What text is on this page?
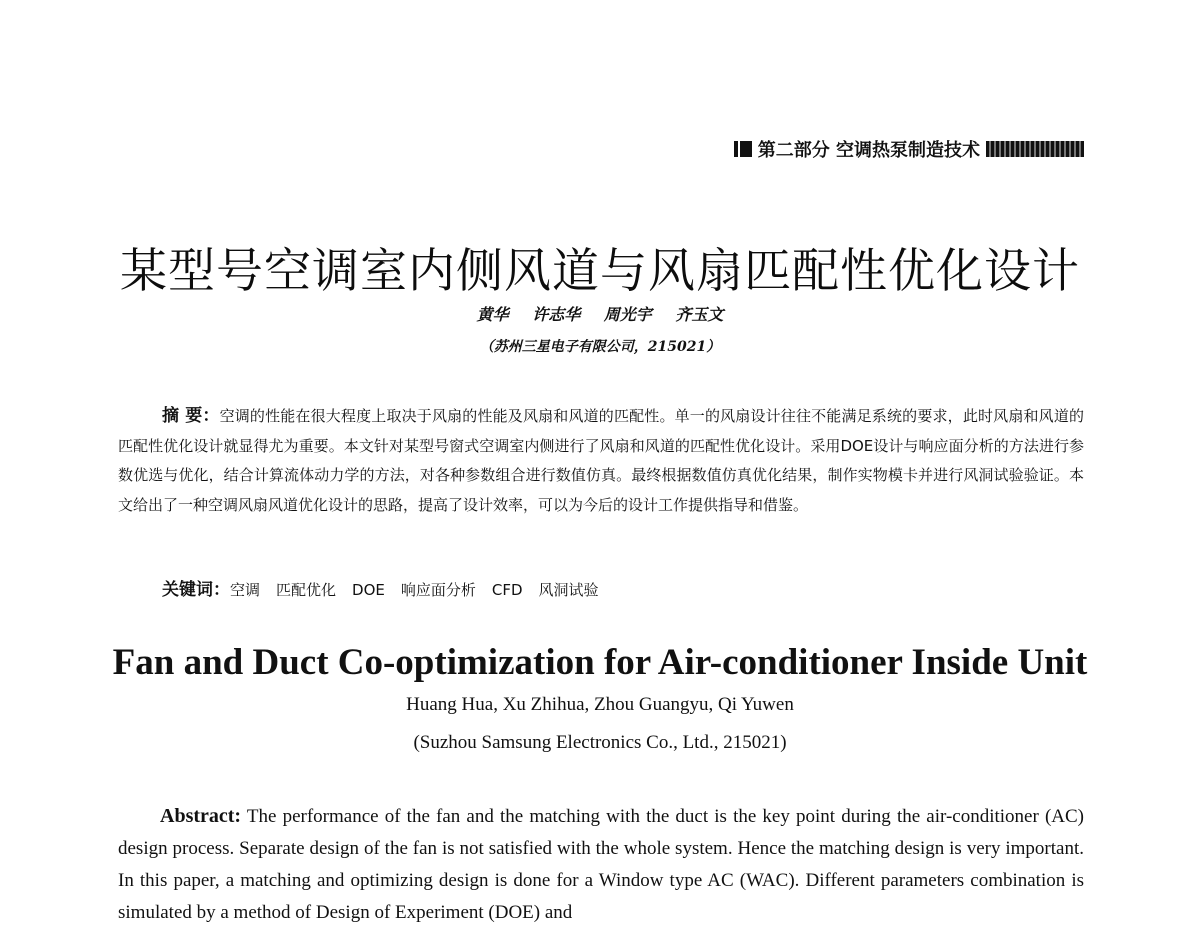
第二部分 空调热泵制造技术
某型号空调室内侧风道与风扇匹配性优化设计
黄华 许志华 周光宇 齐玉文
（苏州三星电子有限公司，215021）
摘 要：空调的性能在很大程度上取决于风扇的性能及风扇和风道的匹配性。单一的风扇设计往往不能满足系统的要求，此时风扇和风道的匹配性优化设计就显得尤为重要。本文针对某型号窗式空调室内侧进行了风扇和风道的匹配性优化设计。采用DOE设计与响应面分析的方法进行参数优选与优化，结合计算流体动力学的方法，对各种参数组合进行数值仿真。最终根据数值仿真优化结果，制作实物模卡并进行风洞试验验证。本文给出了一种空调风扇风道优化设计的思路，提高了设计效率，可以为今后的设计工作提供指导和借鉴。
关键词：空调 匹配优化 DOE 响应面分析 CFD 风洞试验
Fan and Duct Co-optimization for Air-conditioner Inside Unit
Huang Hua, Xu Zhihua, Zhou Guangyu, Qi Yuwen
(Suzhou Samsung Electronics Co., Ltd., 215021)
Abstract: The performance of the fan and the matching with the duct is the key point during the air-conditioner (AC) design process. Separate design of the fan is not satisfied with the whole system. Hence the matching design is very important. In this paper, a matching and optimizing design is done for a Window type AC (WAC). Different parameters combination is simulated by a method of Design of Experiment (DOE) and
